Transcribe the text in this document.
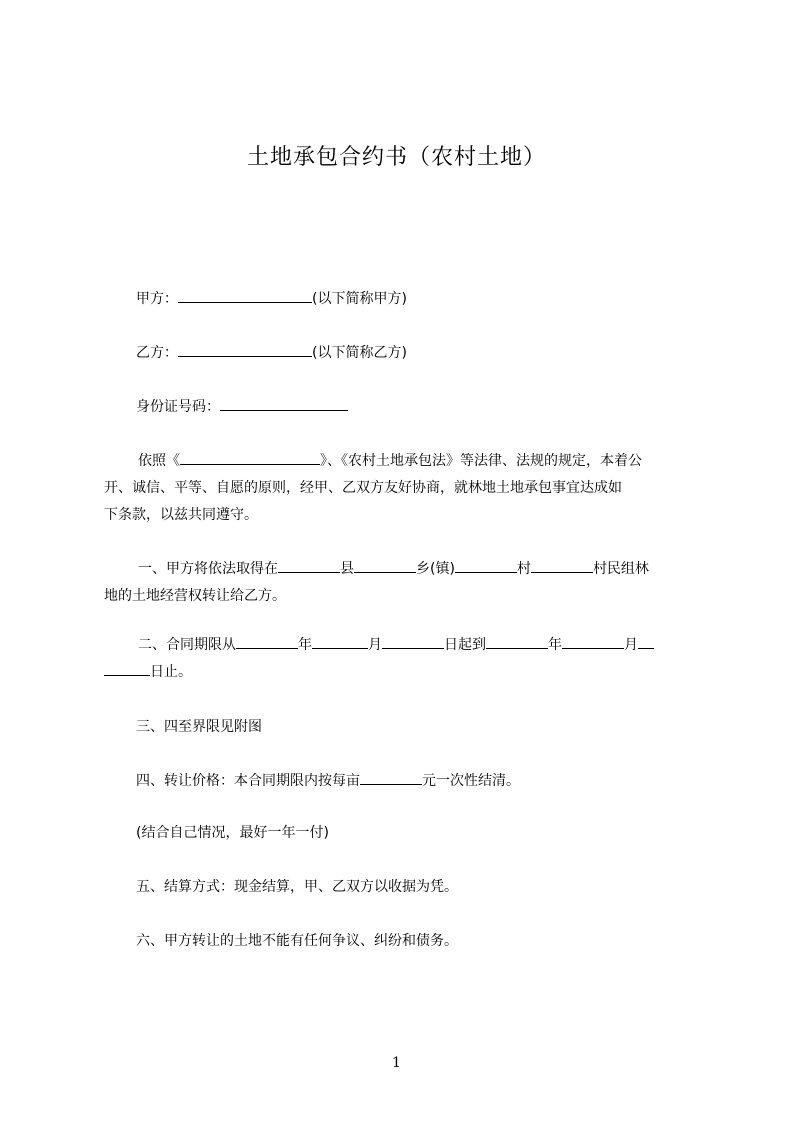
土地承包合约书（农村土地）

甲方：	(以下简称甲方)

乙方：	(以下简称乙方)

身份证号码：

依照《	》、《农村土地承包法》等法律、法规的规定，本着公
开、诚信、平等、自愿的原则，经甲、乙双方友好协商，就林地土地承包事宜达成如
下条款，以兹共同遵守。

一、甲方将依法取得在	县	乡(镇)	村	村民组林
地的土地经营权转让给乙方。

二、合同期限从	年	月	日起到	年	月
日止。

三、四至界限见附图

四、转让价格：本合同期限内按每亩	元一次性结清。

(结合自己情况，最好一年一付)

五、结算方式：现金结算，甲、乙双方以收据为凭。

六、甲方转让的土地不能有任何争议、纠纷和债务。

1
